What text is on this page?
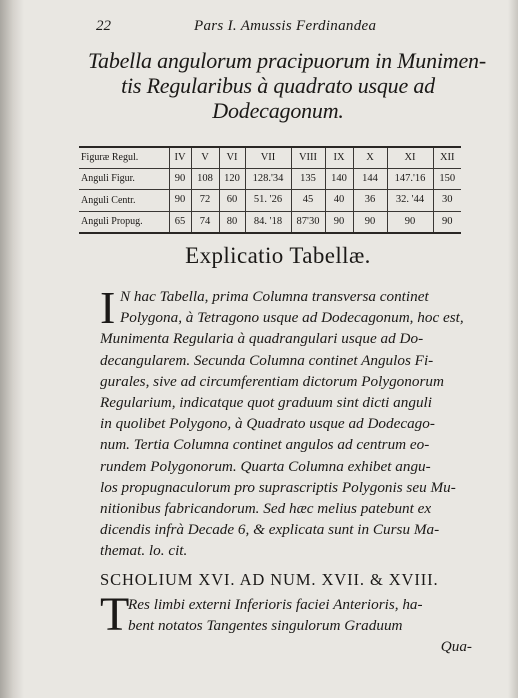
22	Pars I. Amussis Ferdinandea
Tabella angulorum pracipuorum in Munimen-
tis Regularibus à quadrato usque ad
Dodecagonum.
Figuræ Regul.	IV	V	VI	VII	VIII	IX	X	XI	XII
Anguli Figur.	90	108	120	128.'34	135	140	144	147.'16	150
Anguli Centr.	90	72	60	51. '26	45	40	36	32. '44	30
Anguli Propug.	65	74	80	84. '18	87'30	90	90	90	90
Explicatio Tabellæ.
I N hac Tabella, prima Columna transversa continet
Polygona, à Tetragono usque ad Dodecagonum, hoc est,
Munimenta Regularia à quadrangulari usque ad Do-
decangularem. Secunda Columna continet Angulos Fi-
gurales, sive ad circumferentiam dictorum Polygonorum
Regularium, indicatque quot graduum sint dicti anguli
in quolibet Polygono, à Quadrato usque ad Dodecago-
num. Tertia Columna continet angulos ad centrum eo-
rundem Polygonorum. Quarta Columna exhibet angu-
los propugnaculorum pro suprascriptis Polygonis seu Mu-
nitionibus fabricandorum. Sed hæc melius patebunt ex
dicendis infrà Decade 6, & explicata sunt in Cursu Ma-
themat. lo. cit.
SCHOLIUM XVI. AD NUM. XVII. & XVIII.
T
Res limbi externi Inferioris faciei Anterioris, ha-
bent notatos Tangentes singulorum Graduum
Qua-
